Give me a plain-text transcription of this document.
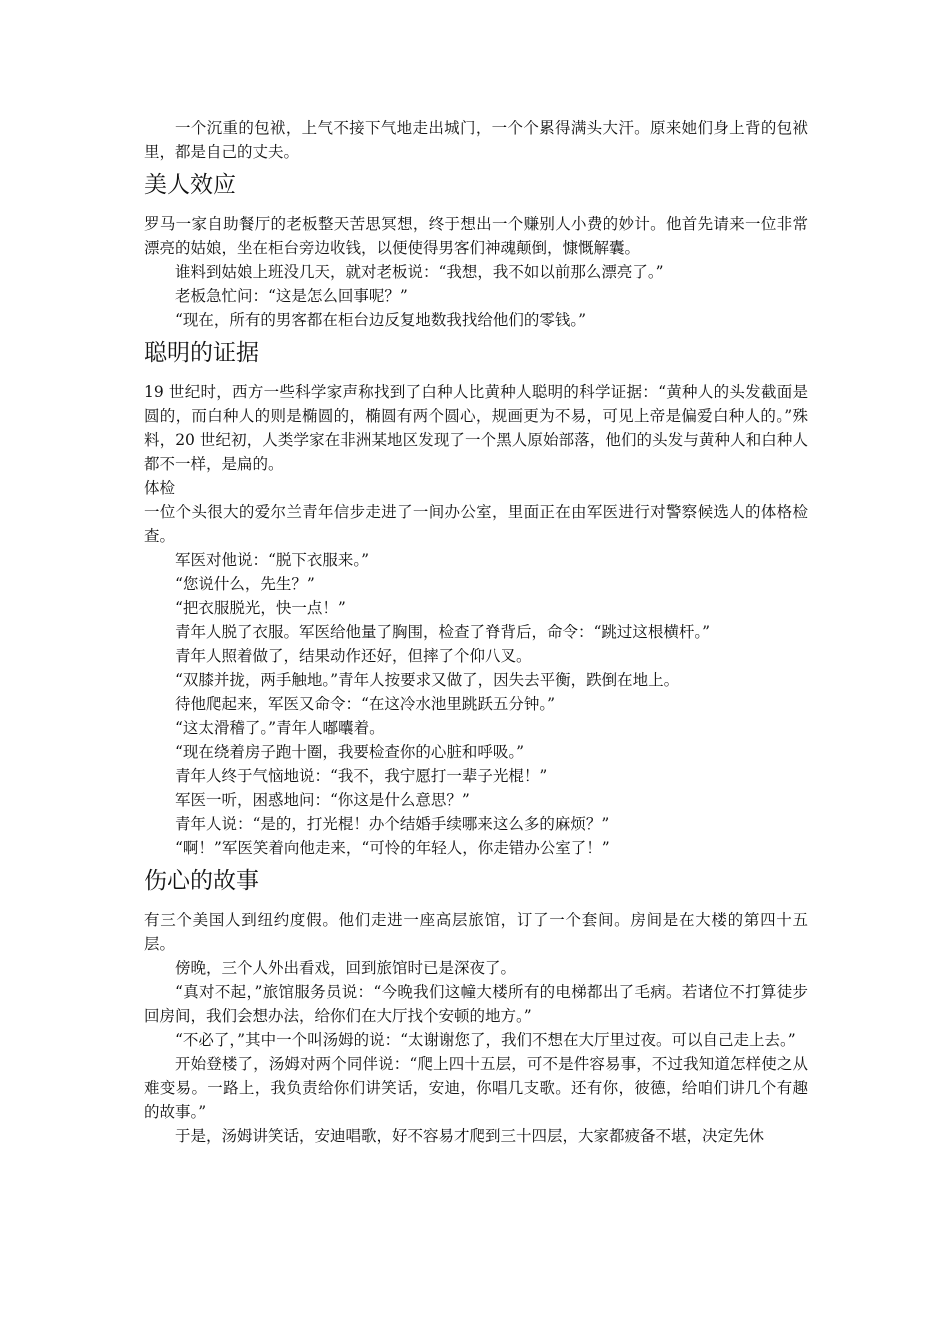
一个沉重的包袱，上气不接下气地走出城门，一个个累得满头大汗。原来她们身上背的包袱里，都是自己的丈夫。

美人效应

罗马一家自助餐厅的老板整天苦思冥想，终于想出一个赚别人小费的妙计。他首先请来一位非常漂亮的姑娘，坐在柜台旁边收钱，以便使得男客们神魂颠倒，慷慨解囊。

谁料到姑娘上班没几天，就对老板说：“我想，我不如以前那么漂亮了。”

老板急忙问：“这是怎么回事呢？”

“现在，所有的男客都在柜台边反复地数我找给他们的零钱。”

聪明的证据

19 世纪时，西方一些科学家声称找到了白种人比黄种人聪明的科学证据：“黄种人的头发截面是圆的，而白种人的则是椭圆的，椭圆有两个圆心，规画更为不易，可见上帝是偏爱白种人的。”殊料，20 世纪初，人类学家在非洲某地区发现了一个黑人原始部落，他们的头发与黄种人和白种人都不一样，是扁的。

体检

一位个头很大的爱尔兰青年信步走进了一间办公室，里面正在由军医进行对警察候选人的体格检查。

军医对他说：“脱下衣服来。”

“您说什么，先生？”

“把衣服脱光，快一点！”

青年人脱了衣服。军医给他量了胸围，检查了脊背后，命令：“跳过这根横杆。”

青年人照着做了，结果动作还好，但摔了个仰八叉。

“双膝并拢，两手触地。”青年人按要求又做了，因失去平衡，跌倒在地上。

待他爬起来，军医又命令：“在这冷水池里跳跃五分钟。”

“这太滑稽了。”青年人嘟囔着。

“现在绕着房子跑十圈，我要检查你的心脏和呼吸。”

青年人终于气恼地说：“我不，我宁愿打一辈子光棍！”

军医一听，困惑地问：“你这是什么意思？”

青年人说：“是的，打光棍！办个结婚手续哪来这么多的麻烦？”

“啊！”军医笑着向他走来，“可怜的年轻人，你走错办公室了！”

伤心的故事

有三个美国人到纽约度假。他们走进一座高层旅馆，订了一个套间。房间是在大楼的第四十五层。

傍晚，三个人外出看戏，回到旅馆时已是深夜了。

“真对不起，”旅馆服务员说：“今晚我们这幢大楼所有的电梯都出了毛病。若诸位不打算徒步回房间，我们会想办法，给你们在大厅找个安顿的地方。”

“不必了，”其中一个叫汤姆的说：“太谢谢您了，我们不想在大厅里过夜。可以自己走上去。”

开始登楼了，汤姆对两个同伴说：“爬上四十五层，可不是件容易事，不过我知道怎样使之从难变易。一路上，我负责给你们讲笑话，安迪，你唱几支歌。还有你，彼德，给咱们讲几个有趣的故事。”

于是，汤姆讲笑话，安迪唱歌，好不容易才爬到三十四层，大家都疲备不堪，决定先休
